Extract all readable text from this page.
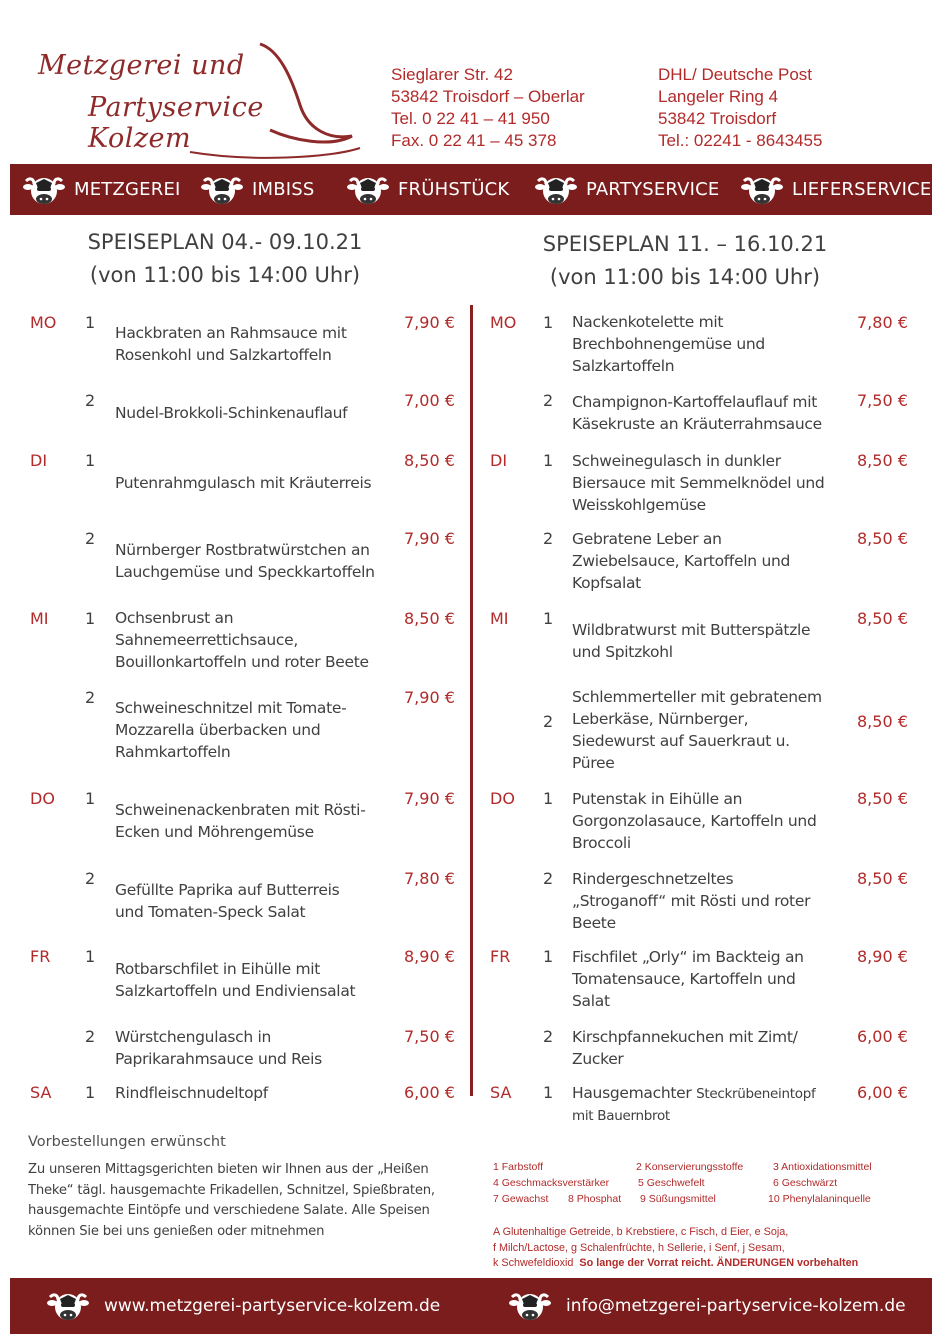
Metzgerei und
Partyservice Kolzem
Sieglarer Str. 42
53842 Troisdorf – Oberlar
Tel. 0 22 41 – 41 950
Fax. 0 22 41 – 45 378
DHL/ Deutsche Post
Langeler Ring 4
53842 Troisdorf
Tel.: 02241 - 8643455
METZGEREI	IMBISS	FRÜHSTÜCK	PARTYSERVICE	LIEFERSERVICE
SPEISEPLAN 04.- 09.10.21
(von 11:00 bis 14:00 Uhr)
SPEISEPLAN 11. – 16.10.21
(von 11:00 bis 14:00 Uhr)
MO 1
Hackbraten an Rahmsauce mit
Rosenkohl und Salzkartoffeln
7,90 €
2
Nudel-Brokkoli-Schinkenauflauf
7,00 €
DI 1
Putenrahmgulasch mit Kräuterreis
8,50 €
2
Nürnberger Rostbratwürstchen an
Lauchgemüse und Speckkartoffeln
7,90 €
MI 1 Ochsenbrust an
Sahnemeerrettichsauce,
Bouillonkartoffeln und roter Beete
8,50 €
2
Schweineschnitzel mit Tomate-
Mozzarella überbacken und
Rahmkartoffeln
7,90 €
DO 1
Schweinenackenbraten mit Rösti-
Ecken und Möhrengemüse
7,90 €
2
Gefüllte Paprika auf Butterreis
und Tomaten-Speck Salat
7,80 €
FR 1
Rotbarschfilet in Eihülle mit
Salzkartoffeln und Endiviensalat
8,90 €
2 Würstchengulasch in
Paprikarahmsauce und Reis
7,50 €
SA 1 Rindfleischnudeltopf	6,00 €
MO 1 Nackenkotelette mit
Brechbohnengemüse und
Salzkartoffeln
7,80 €
2 Champignon-Kartoffelauflauf mit
Käsekruste an Kräuterrahmsauce
7,50 €
DI 1 Schweinegulasch in dunkler
Biersauce mit Semmelknödel und
Weisskohlgemüse
8,50 €
2 Gebratene Leber an
Zwiebelsauce, Kartoffeln und
Kopfsalat
8,50 €
MI 1
Wildbratwurst mit Butterspätzle
und Spitzkohl
8,50 €
2
Schlemmerteller mit gebratenem
Leberkäse, Nürnberger,
Siedewurst auf Sauerkraut u.
Püree
8,50 €
DO 1 Putenstak in Eihülle an
Gorgonzolasauce, Kartoffeln und
Broccoli
8,50 €
2 Rindergeschnetzeltes
„Stroganoff“ mit Rösti und roter
Beete
8,50 €
FR 1 Fischfilet „Orly“ im Backteig an
Tomatensauce, Kartoffeln und
Salat
8,90 €
2 Kirschpfannekuchen mit Zimt/
Zucker
6,00 €
SA 1 Hausgemachter Steckrübeneintopf
mit Bauernbrot
6,00 €
Vorbestellungen erwünscht
Zu unseren Mittagsgerichten bieten wir Ihnen aus der „Heißen
Theke“ tägl. hausgemachte Frikadellen, Schnitzel, Spießbraten,
hausgemachte Eintöpfe und verschiedene Salate. Alle Speisen
können Sie bei uns genießen oder mitnehmen
1 Farbstoff	2 Konservierungsstoffe	3 Antioxidationsmittel
4 Geschmacksverstärker	5 Geschwefelt	6 Geschwärzt
7 Gewachst 8 Phosphat 9 Süßungsmittel	10 Phenylalaninquelle
A Glutenhaltige Getreide, b Krebstiere, c Fisch, d Eier, e Soja,
f Milch/Lactose, g Schalenfrüchte, h Sellerie, i Senf, j Sesam,
k Schwefeldioxid So lange der Vorrat reicht. ÄNDERUNGEN vorbehalten
www.metzgerei-partyservice-kolzem.de	info@metzgerei-partyservice-kolzem.de
